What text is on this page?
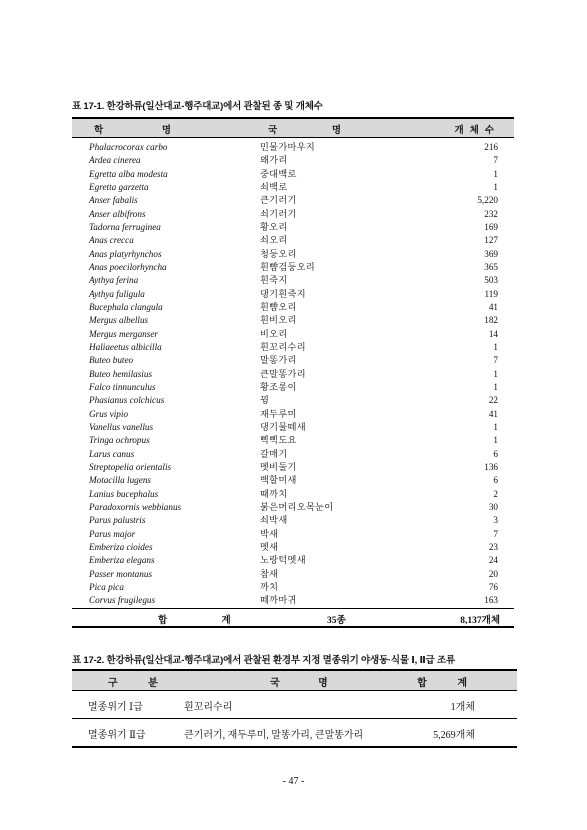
표 17-1. 한강하류(일산대교-행주대교)에서 관찰된 종 및 개체수
학 명	국 명	개체수
Phalacrocorax carbo	민물가마우지	216
Ardea cinerea	왜가리	7
Egretta alba modesta	중대백로	1
Egretta garzetta	쇠백로	1
Anser fabalis	큰기러기	5,220
Anser albifrons	쇠기러기	232
Tadorna ferruginea	황오리	169
Anas crecca	쇠오리	127
Anas platyrhynchos	청둥오리	369
Anas poecilorhyncha	흰뺨검둥오리	365
Aythya ferina	흰죽지	503
Aythya fuligula	댕기흰죽지	119
Bucephala clangula	흰뺨오리	41
Mergus albellus	흰비오리	182
Mergus merganser	비오리	14
Haliaeetus albicilla	흰꼬리수리	1
Buteo buteo	말똥가리	7
Buteo hemilasius	큰말똥가리	1
Falco tinnunculus	황조롱이	1
Phasianus colchicus	꿩	22
Grus vipio	재두루미	41
Vanellus vanellus	댕기물떼새	1
Tringa ochropus	삑삑도요	1
Larus canus	갈매기	6
Streptopelia orientalis	멧비둘기	136
Motacilla lugens	백할미새	6
Lanius bucephalus	때까치	2
Paradoxornis webbianus	붉은머리오목눈이	30
Parus palustris	쇠박새	3
Parus major	박새	7
Emberiza cioides	멧새	23
Emberiza elegans	노랑턱멧새	24
Passer montanus	참새	20
Pica pica	까치	76
Corvus frugilegus	떼까마귀	163
합 계	35종	8,137개체
표 17-2. 한강하류(일산대교-행주대교)에서 관찰된 환경부 지정 멸종위기 야생동·식물 Ⅰ, Ⅱ급 조류
구 분	국 명	합 계
멸종위기 Ⅰ급	흰꼬리수리	1개체
멸종위기 Ⅱ급	큰기러기, 재두루미, 말똥가리, 큰말똥가리	5,269개체
- 47 -
